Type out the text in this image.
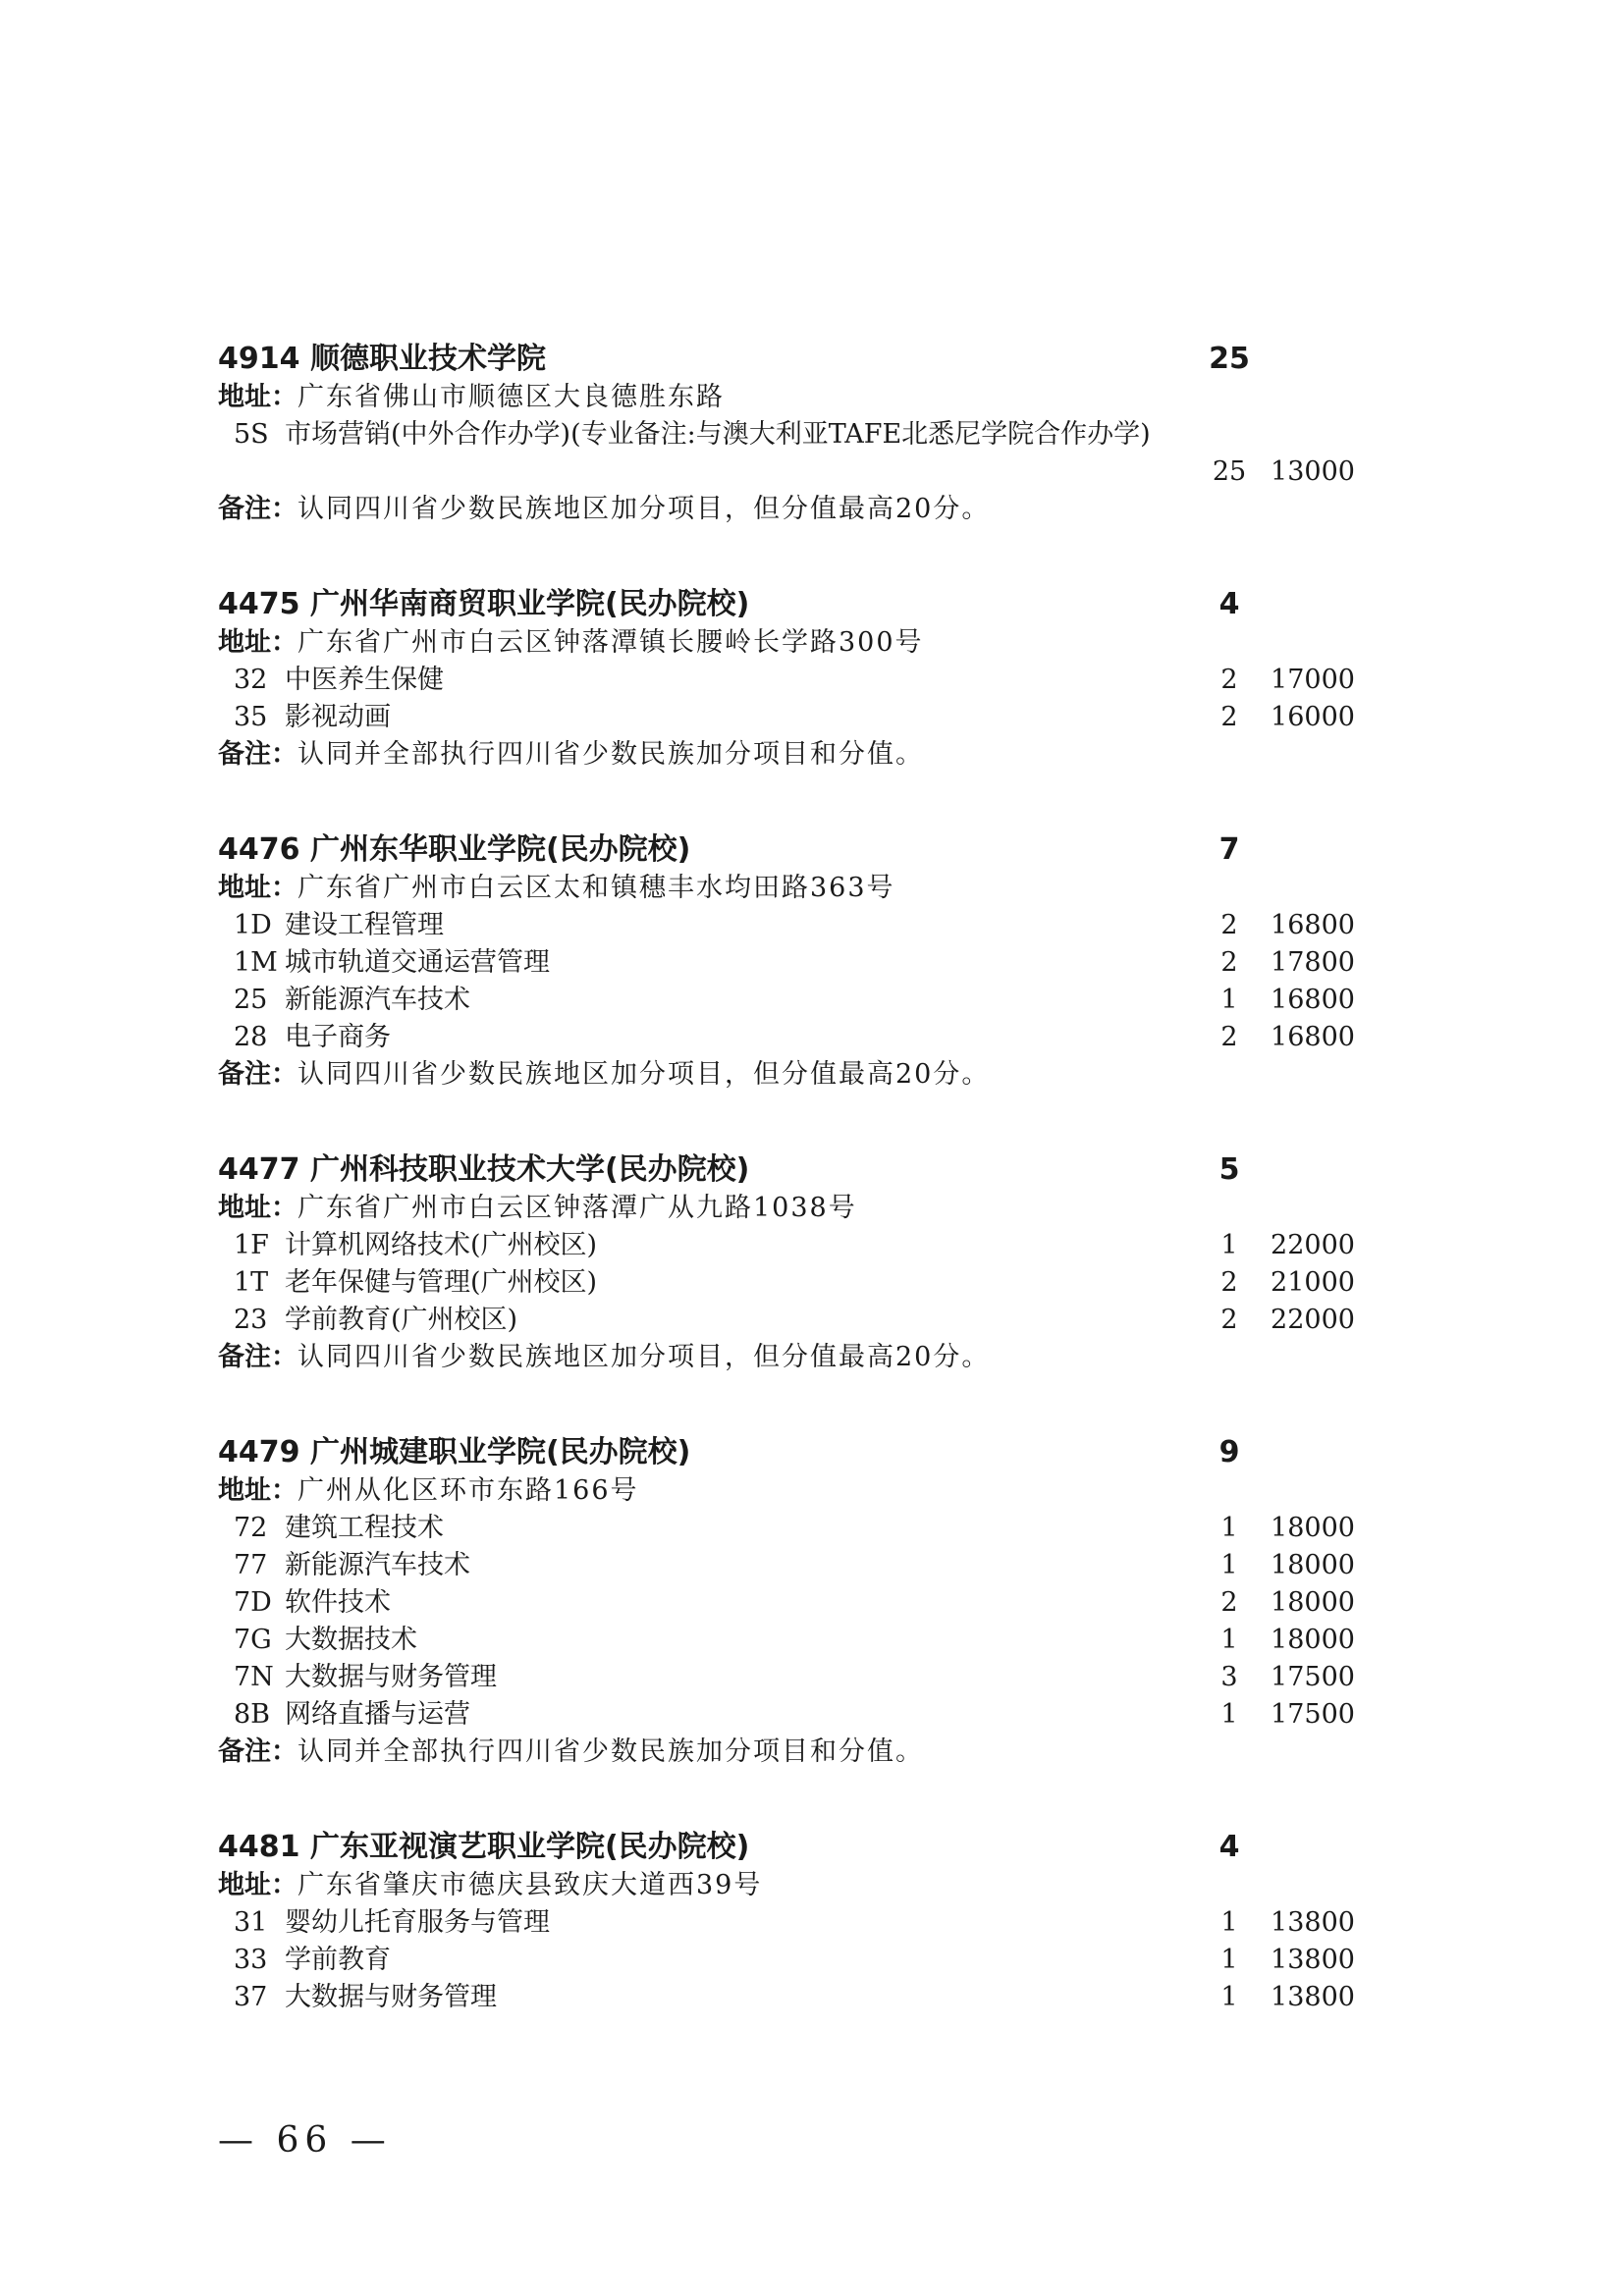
4914 顺德职业技术学院	25
地址：广东省佛山市顺德区大良德胜东路
5S 市场营销(中外合作办学)(专业备注:与澳大利亚TAFE北悉尼学院合作办学)
25 13000
备注：认同四川省少数民族地区加分项目，但分值最高20分。
4475 广州华南商贸职业学院(民办院校)	4
地址：广东省广州市白云区钟落潭镇长腰岭长学路300号
32 中医养生保健	2	17000
35 影视动画	2	16000
备注：认同并全部执行四川省少数民族加分项目和分值。
4476 广州东华职业学院(民办院校)	7
地址：广东省广州市白云区太和镇穗丰水均田路363号
1D 建设工程管理	2	16800
1M 城市轨道交通运营管理	2	17800
25 新能源汽车技术	1	16800
28 电子商务	2	16800
备注：认同四川省少数民族地区加分项目，但分值最高20分。
4477 广州科技职业技术大学(民办院校)	5
地址：广东省广州市白云区钟落潭广从九路1038号
1F 计算机网络技术(广州校区)	1	22000
1T 老年保健与管理(广州校区)	2	21000
23 学前教育(广州校区)	2	22000
备注：认同四川省少数民族地区加分项目，但分值最高20分。
4479 广州城建职业学院(民办院校)	9
地址：广州从化区环市东路166号
72 建筑工程技术	1	18000
77 新能源汽车技术	1	18000
7D 软件技术	2	18000
7G 大数据技术	1	18000
7N 大数据与财务管理	3	17500
8B 网络直播与运营	1	17500
备注：认同并全部执行四川省少数民族加分项目和分值。
4481 广东亚视演艺职业学院(民办院校)	4
地址：广东省肇庆市德庆县致庆大道西39号
31 婴幼儿托育服务与管理	1	13800
33 学前教育	1	13800
37 大数据与财务管理	1	13800
— 66 —
